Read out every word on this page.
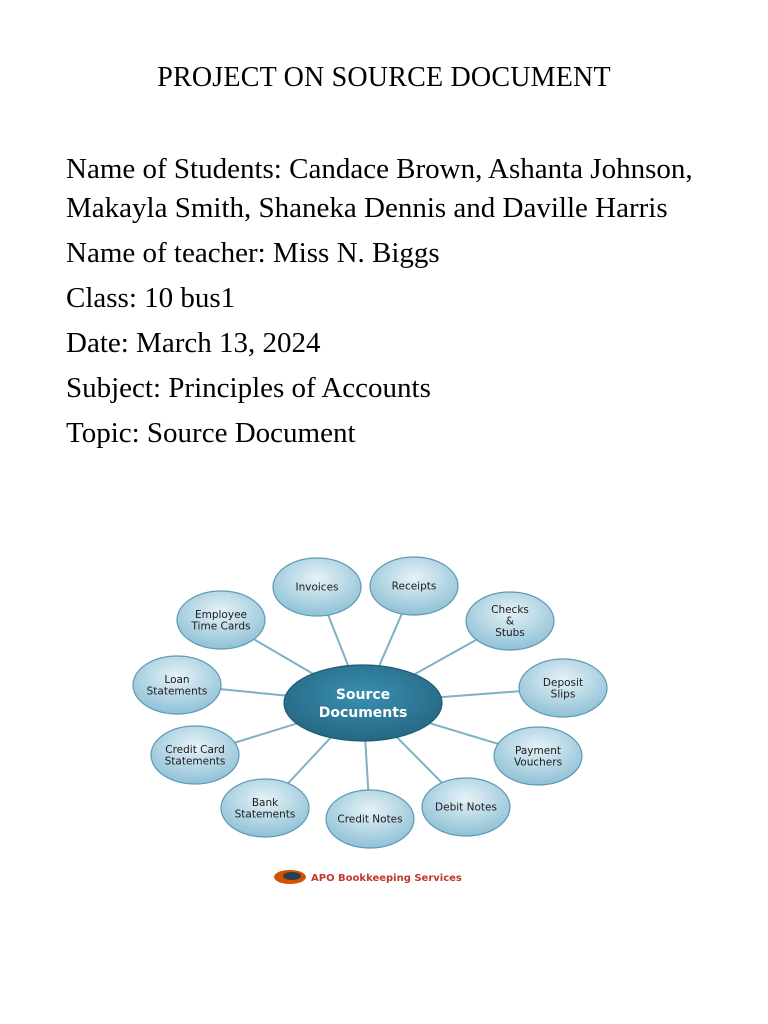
PROJECT ON SOURCE DOCUMENT

Name of Students: Candace Brown, Ashanta Johnson, Makayla Smith, Shaneka Dennis and Daville Harris

Name of teacher: Miss N. Biggs

Class: 10 bus1

Date: March 13, 2024

Subject: Principles of Accounts

Topic: Source Document

Invoices	Receipts
Checks
&
Stubs
Deposit
Slips
Payment
Vouchers
Debit Notes
Credit Notes
Bank
Statements
Credit Card
Statements
Loan
Statements
Employee
Time Cards
Source
Documents
APO Bookkeeping Services
